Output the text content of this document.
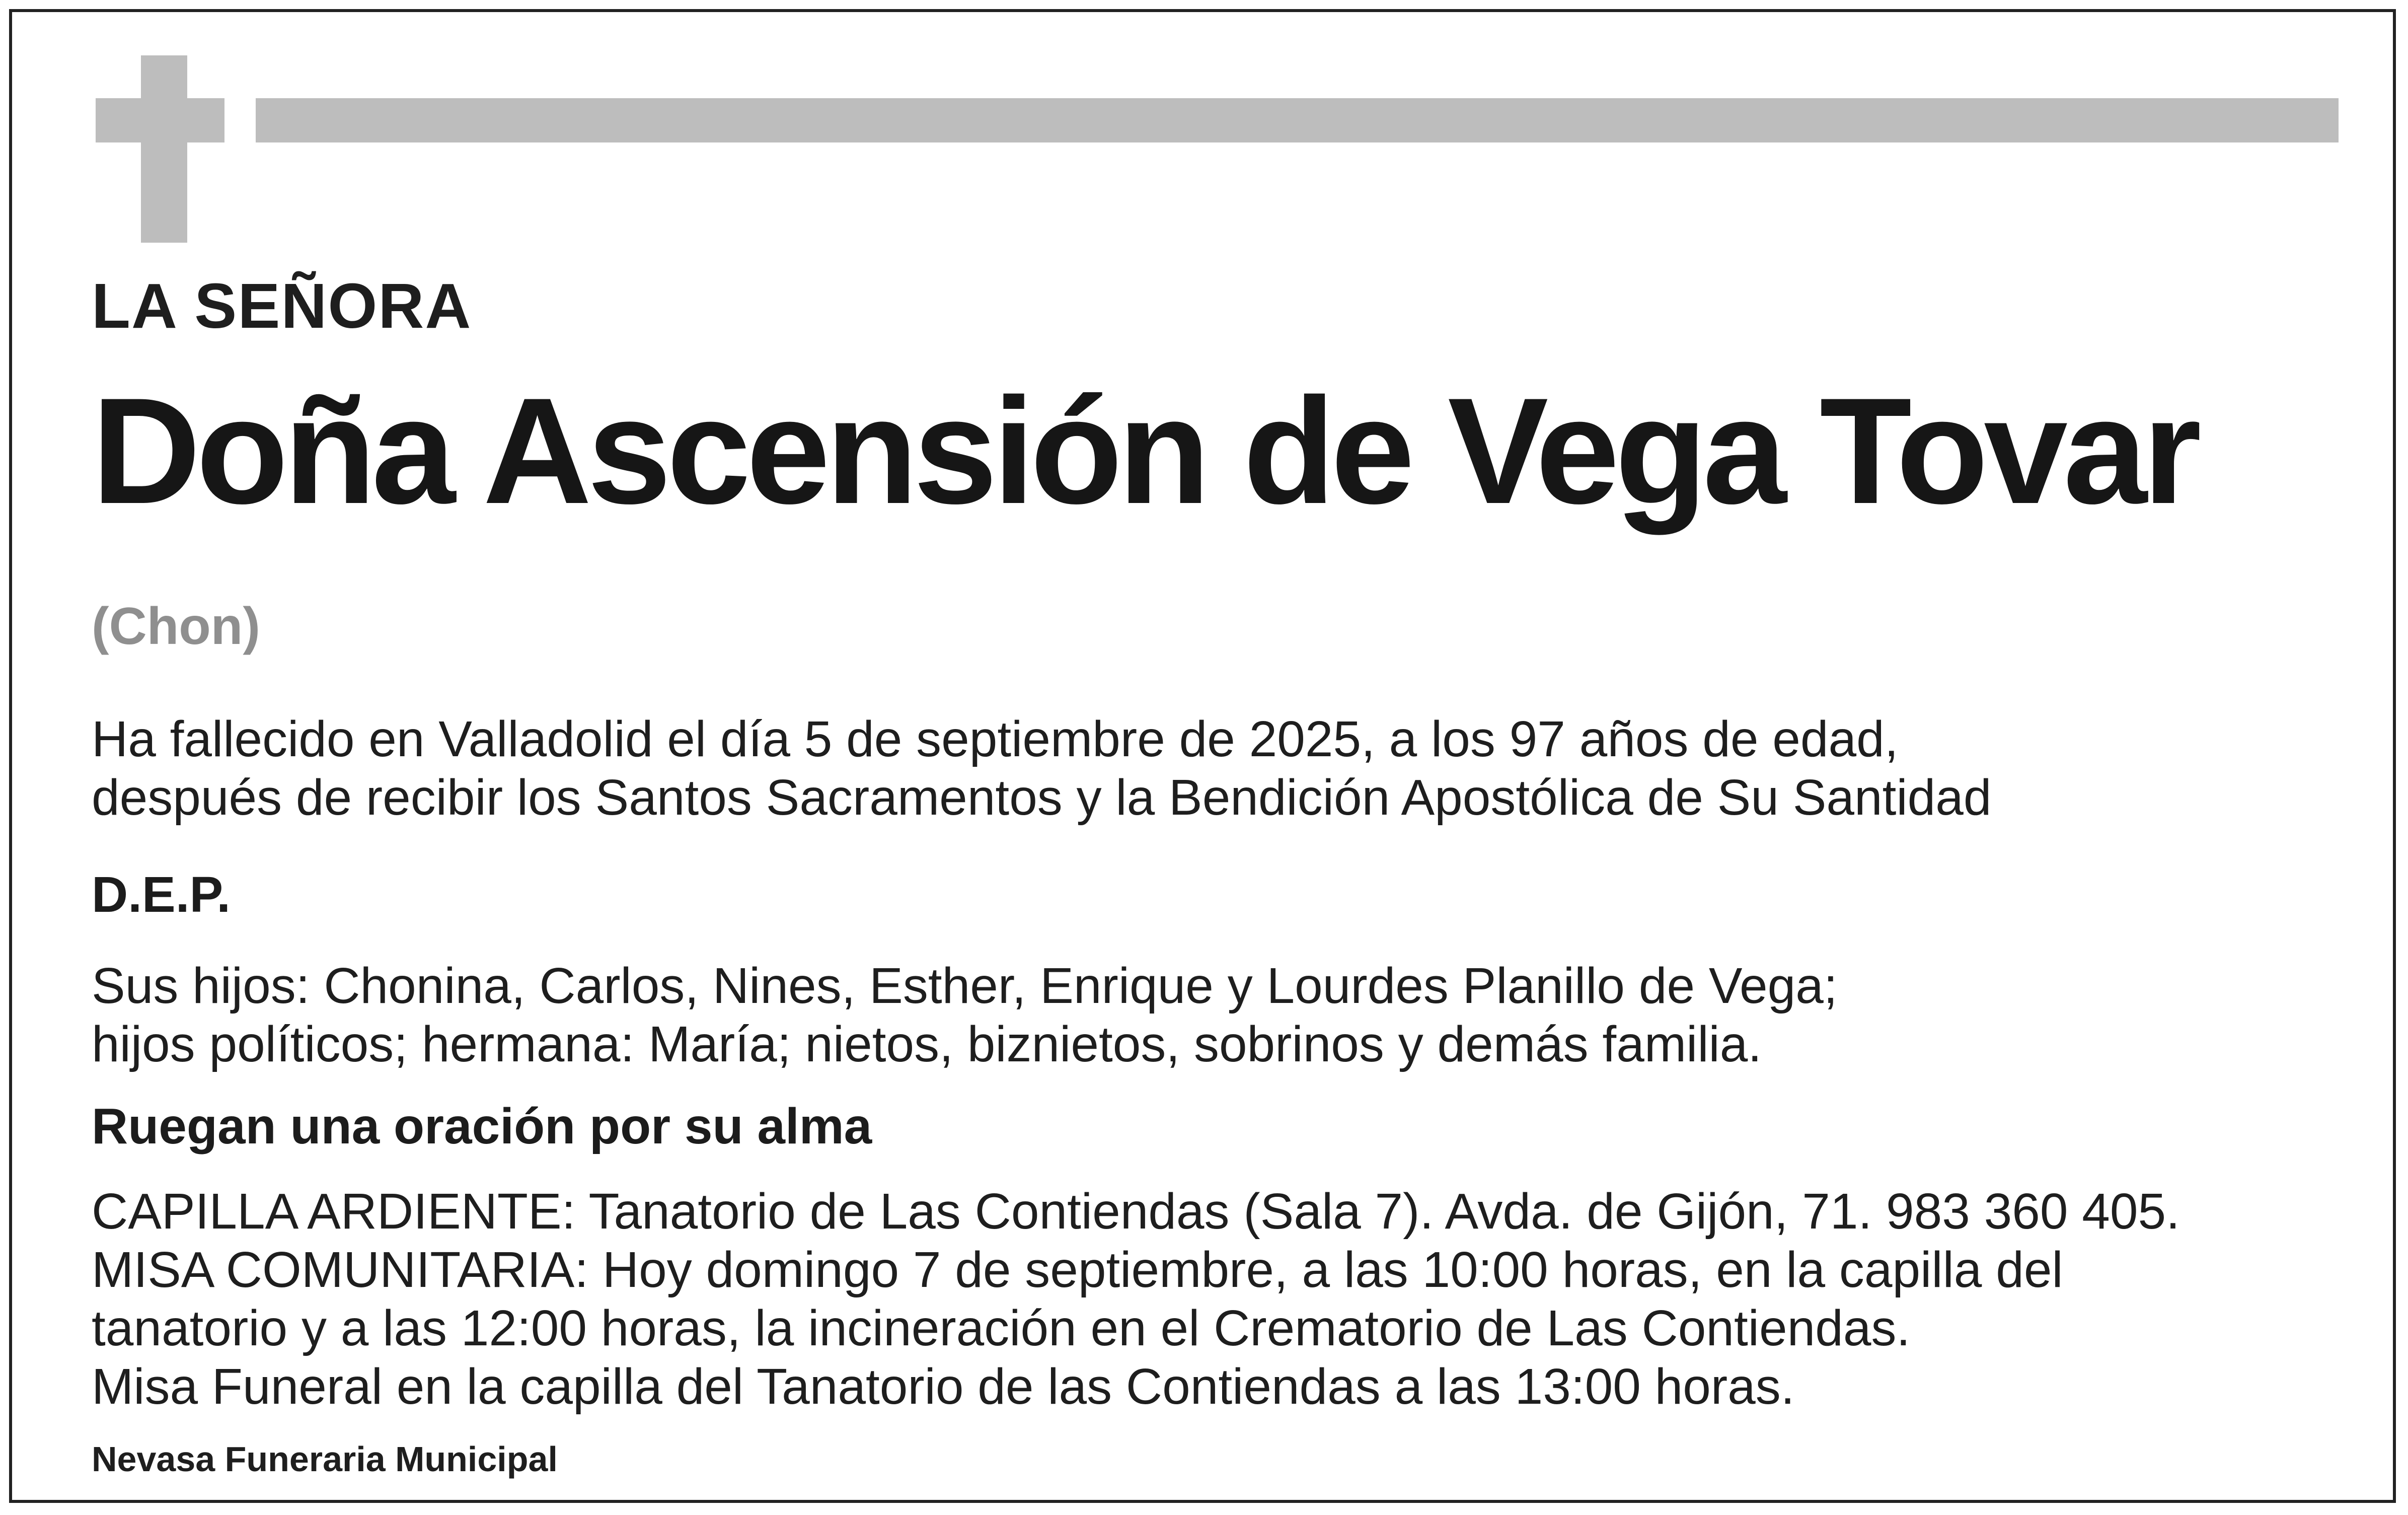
LA SEÑORA
Doña Ascensión de Vega Tovar
(Chon)
Ha fallecido en Valladolid el día 5 de septiembre de 2025, a los 97 años de edad,
después de recibir los Santos Sacramentos y la Bendición Apostólica de Su Santidad
D.E.P.
Sus hijos: Chonina, Carlos, Nines, Esther, Enrique y Lourdes Planillo de Vega;
hijos políticos; hermana: María; nietos, biznietos, sobrinos y demás familia.
Ruegan una oración por su alma
CAPILLA ARDIENTE: Tanatorio de Las Contiendas (Sala 7). Avda. de Gijón, 71. 983 360 405.
MISA COMUNITARIA: Hoy domingo 7 de septiembre, a las 10:00 horas, en la capilla del
tanatorio y a las 12:00 horas, la incineración en el Crematorio de Las Contiendas.
Misa Funeral en la capilla del Tanatorio de las Contiendas a las 13:00 horas.
Nevasa Funeraria Municipal
